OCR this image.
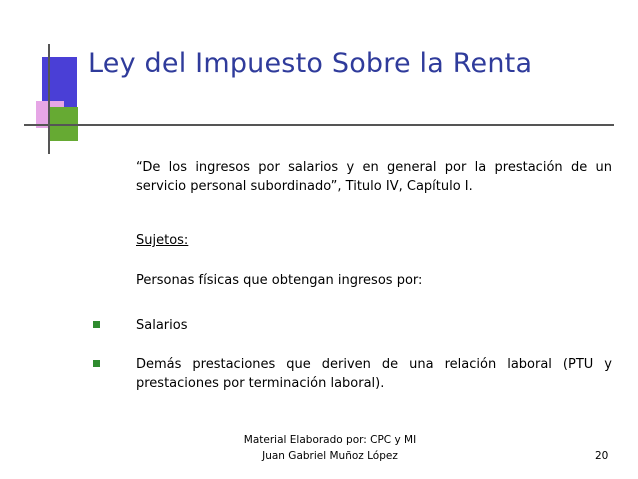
Ley del Impuesto Sobre la Renta
“De los ingresos por salarios y en general por la prestación de un servicio personal subordinado”, Titulo IV, Capítulo I.
Sujetos:
Personas físicas que obtengan ingresos por:
Salarios
Demás prestaciones que deriven de una relación laboral (PTU y prestaciones por terminación laboral).
Material Elaborado por: CPC y MI
Juan Gabriel Muñoz López	20
